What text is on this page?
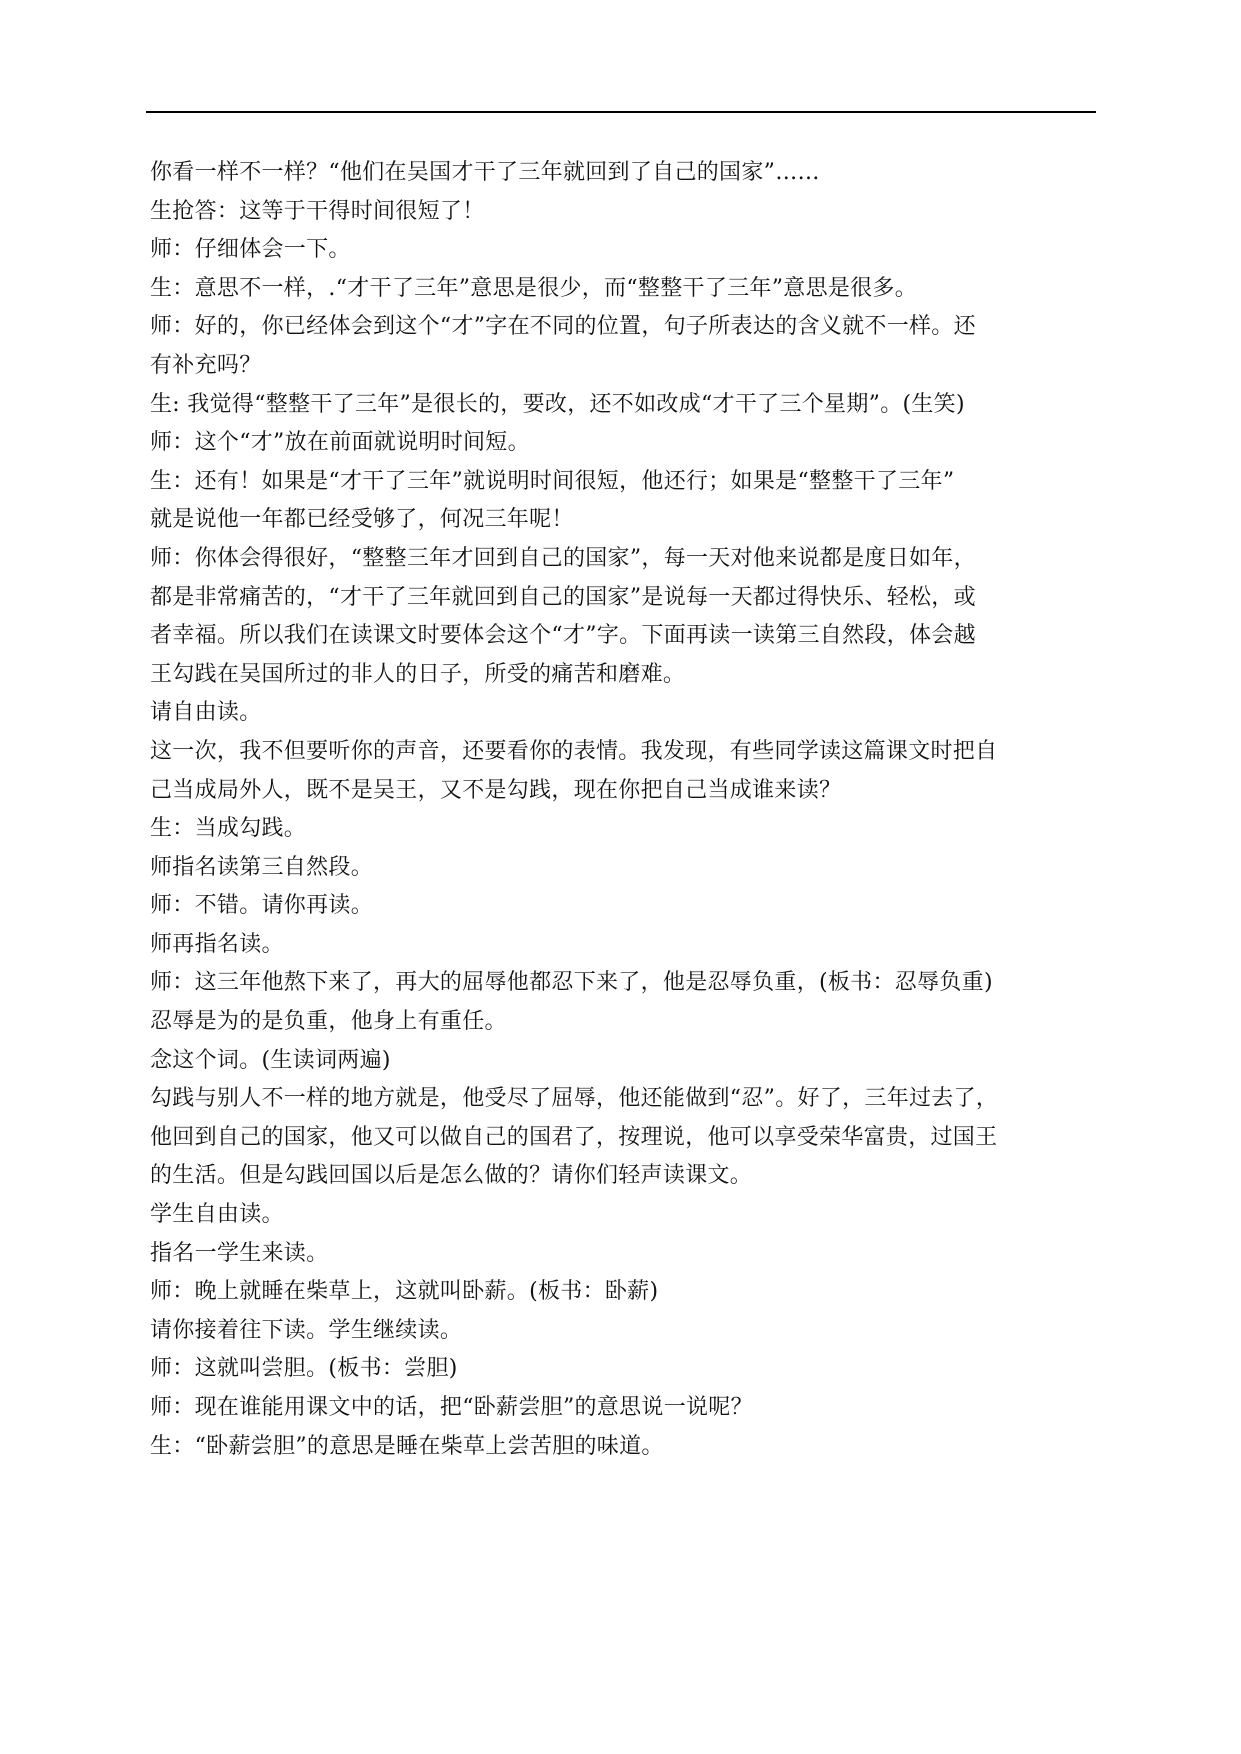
你看一样不一样？“他们在吴国才干了三年就回到了自己的国家”……
生抢答：这等于干得时间很短了！
师：仔细体会一下。
生：意思不一样，.“才干了三年”意思是很少，而“整整干了三年”意思是很多。
师：好的，你已经体会到这个“才”字在不同的位置，句子所表达的含义就不一样。还
有补充吗？
生: 我觉得“整整干了三年”是很长的，要改，还不如改成“才干了三个星期”。(生笑)
师：这个“才”放在前面就说明时间短。
生：还有！如果是“才干了三年”就说明时间很短，他还行；如果是“整整干了三年”
就是说他一年都已经受够了，何况三年呢！
师：你体会得很好，“整整三年才回到自己的国家”，每一天对他来说都是度日如年，
都是非常痛苦的，“才干了三年就回到自己的国家”是说每一天都过得快乐、轻松，或
者幸福。所以我们在读课文时要体会这个“才”字。下面再读一读第三自然段，体会越
王勾践在吴国所过的非人的日子，所受的痛苦和磨难。
请自由读。
这一次，我不但要听你的声音，还要看你的表情。我发现，有些同学读这篇课文时把自
己当成局外人，既不是吴王，又不是勾践，现在你把自己当成谁来读？
生：当成勾践。
师指名读第三自然段。
师：不错。请你再读。
师再指名读。
师：这三年他熬下来了，再大的屈辱他都忍下来了，他是忍辱负重，(板书：忍辱负重)
忍辱是为的是负重，他身上有重任。
念这个词。(生读词两遍)
勾践与别人不一样的地方就是，他受尽了屈辱，他还能做到“忍”。好了，三年过去了，
他回到自己的国家，他又可以做自己的国君了，按理说，他可以享受荣华富贵，过国王
的生活。但是勾践回国以后是怎么做的？请你们轻声读课文。
学生自由读。
指名一学生来读。
师：晚上就睡在柴草上，这就叫卧薪。(板书：卧薪)
请你接着往下读。学生继续读。
师：这就叫尝胆。(板书：尝胆)
师：现在谁能用课文中的话，把“卧薪尝胆”的意思说一说呢？
生：“卧薪尝胆”的意思是睡在柴草上尝苦胆的味道。
